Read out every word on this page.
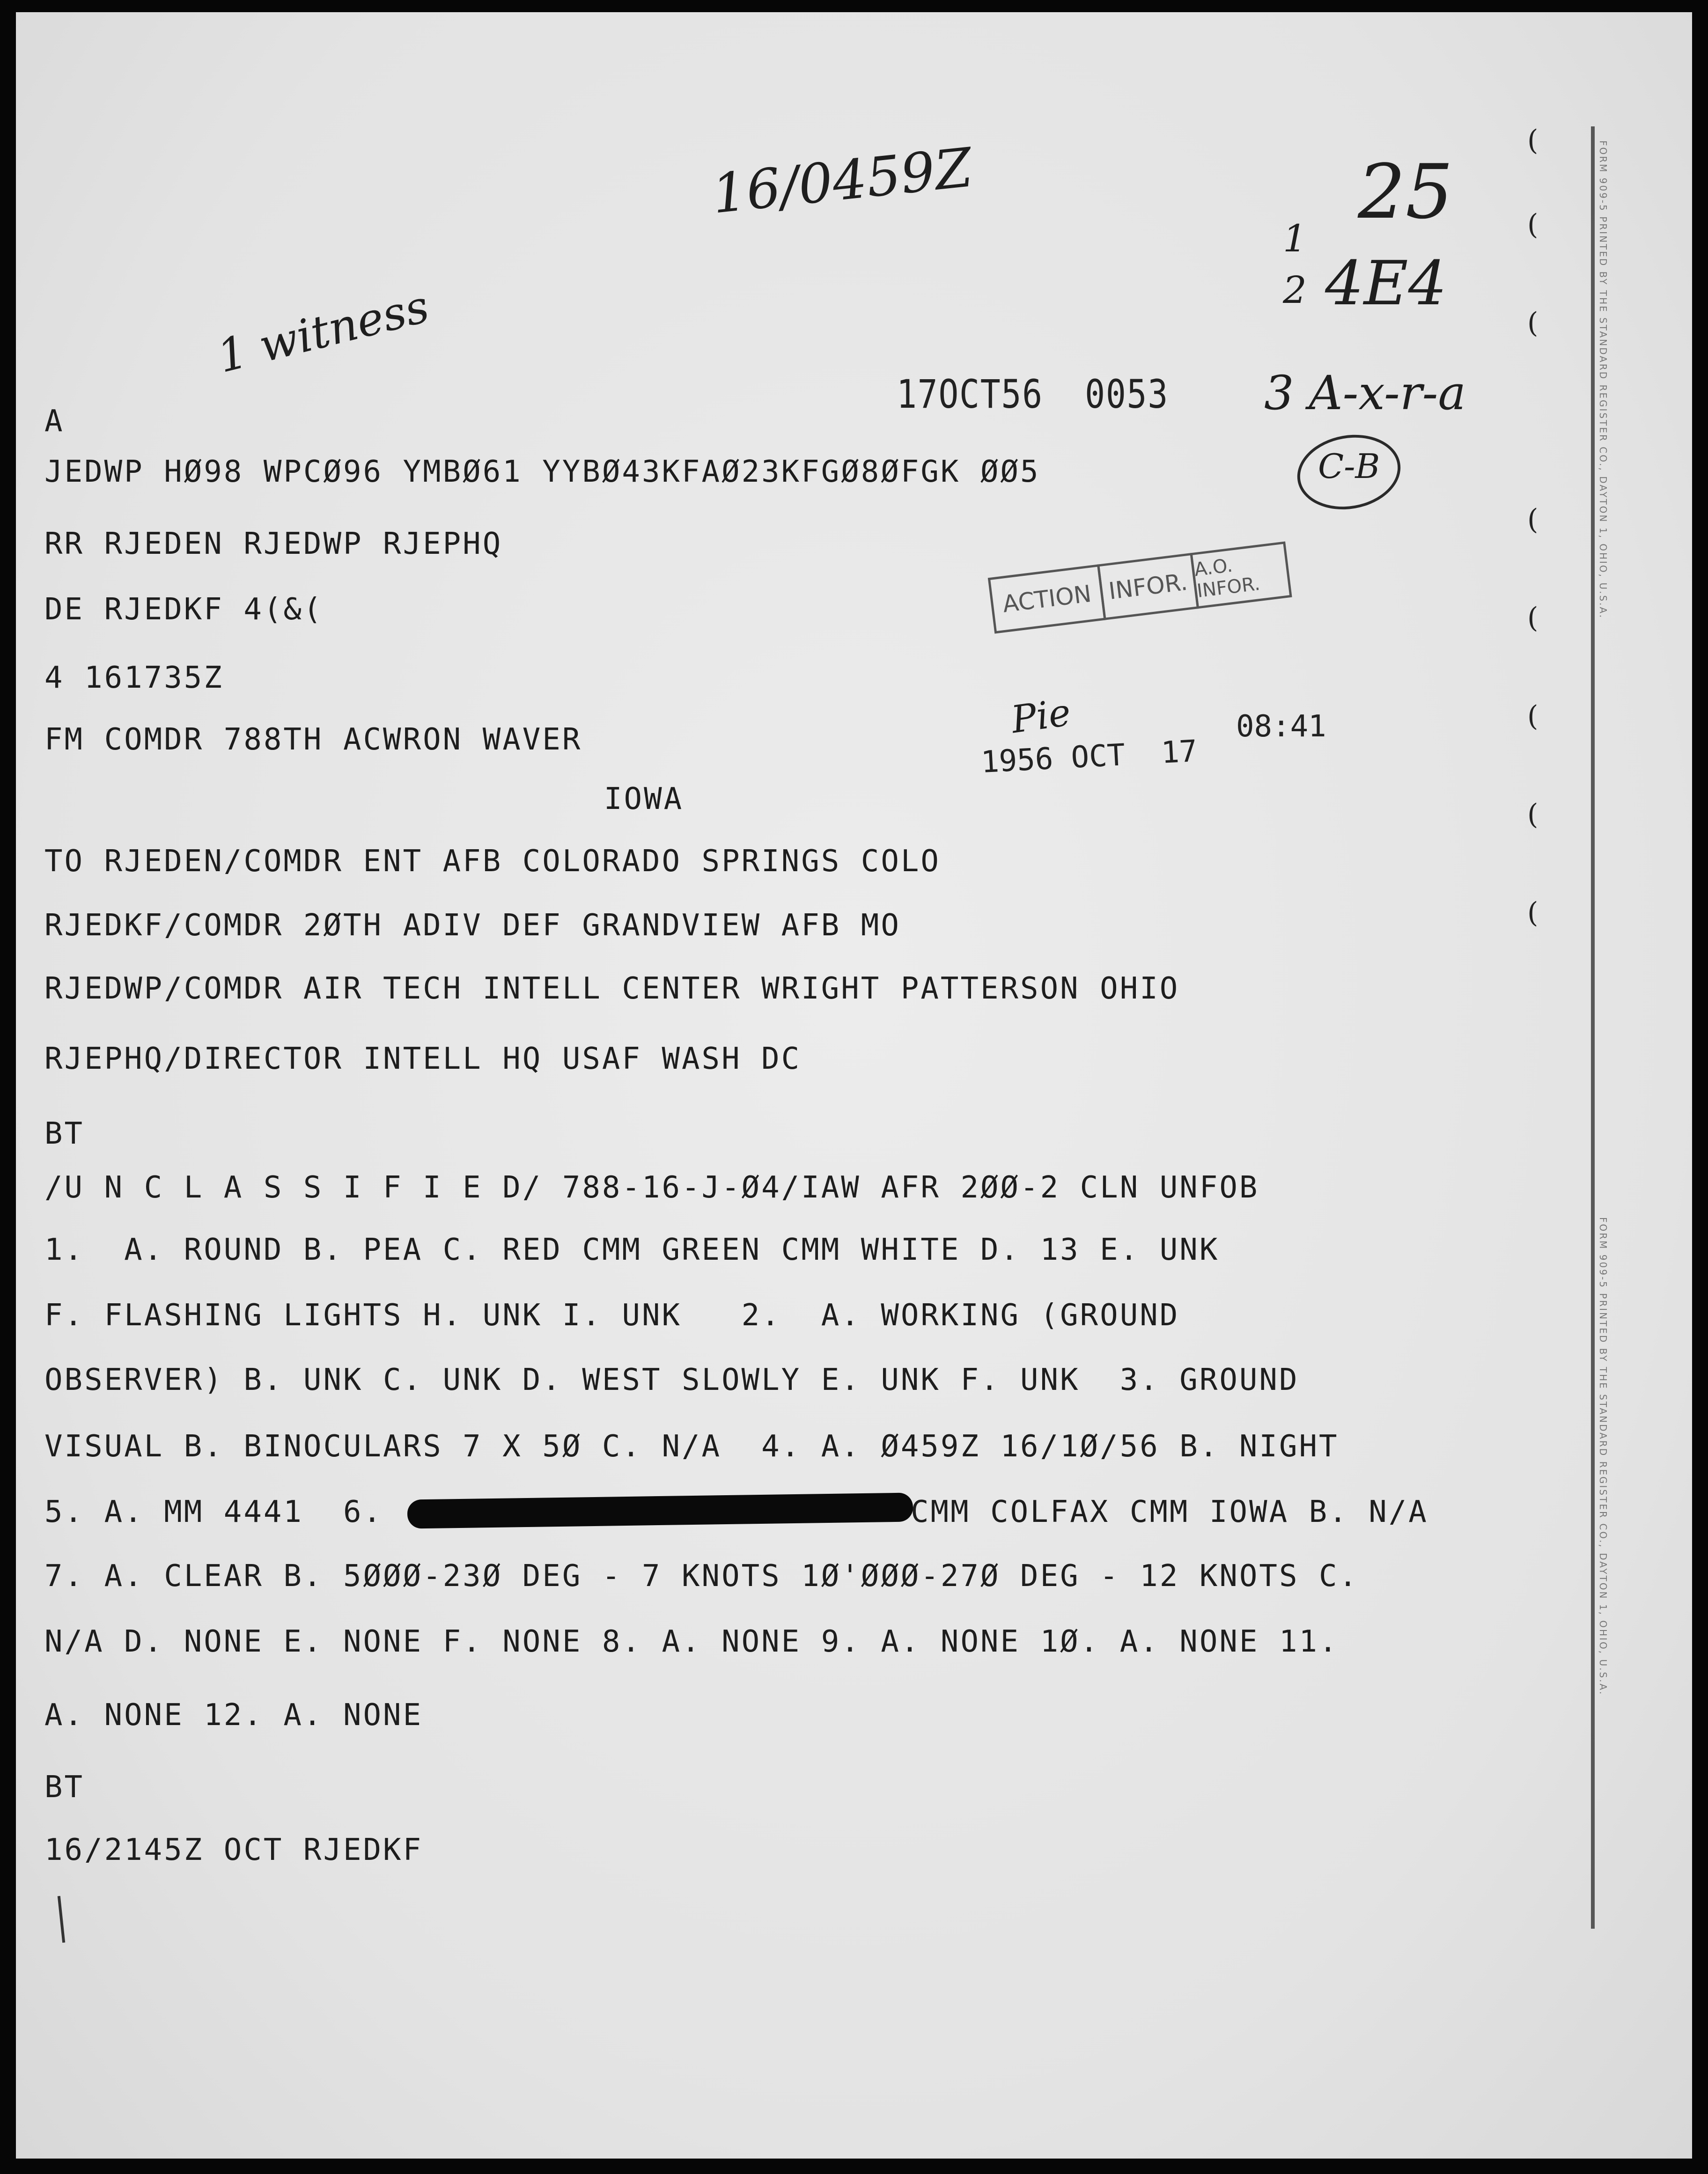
(
(
(
(
(
(
(
(
FORM 909-5 PRINTED BY THE STANDARD REGISTER CO., DAYTON 1, OHIO, U.S.A.
FORM 909-5 PRINTED BY THE STANDARD REGISTER CO., DAYTON 1, OHIO, U.S.A.
16/0459Z
1 witness
25
1
2 4E4
3 A-x-r-a
C-B
Pie
17OCT56  0053
ACTION INFOR.
A.O. INFOR.
1956 OCT  17
08:41
A
JEDWP HØ98 WPCØ96 YMBØ61 YYBØ43KFAØ23KFGØ8ØFGK ØØ5
RR RJEDEN RJEDWP RJEPHQ
DE RJEDKF 4(&(
4 161735Z
FM COMDR 788TH ACWRON WAVER
IOWA
TO RJEDEN/COMDR ENT AFB COLORADO SPRINGS COLO
RJEDKF/COMDR 2ØTH ADIV DEF GRANDVIEW AFB MO
RJEDWP/COMDR AIR TECH INTELL CENTER WRIGHT PATTERSON OHIO
RJEPHQ/DIRECTOR INTELL HQ USAF WASH DC
BT
/U N C L A S S I F I E D/ 788-16-J-Ø4/IAW AFR 2ØØ-2 CLN UNFOB
1.  A. ROUND B. PEA C. RED CMM GREEN CMM WHITE D. 13 E. UNK
F. FLASHING LIGHTS H. UNK I. UNK   2.  A. WORKING (GROUND
OBSERVER) B. UNK C. UNK D. WEST SLOWLY E. UNK F. UNK  3. GROUND
VISUAL B. BINOCULARS 7 X 5Ø C. N/A  4. A. Ø459Z 16/1Ø/56 B. NIGHT
5. A. MM 4441  6.	CMM COLFAX CMM IOWA B. N/A
7. A. CLEAR B. 5ØØØ-23Ø DEG - 7 KNOTS 1Ø'ØØØ-27Ø DEG - 12 KNOTS C.
N/A D. NONE E. NONE F. NONE 8. A. NONE 9. A. NONE 1Ø. A. NONE 11.
A. NONE 12. A. NONE
BT
16/2145Z OCT RJEDKF
